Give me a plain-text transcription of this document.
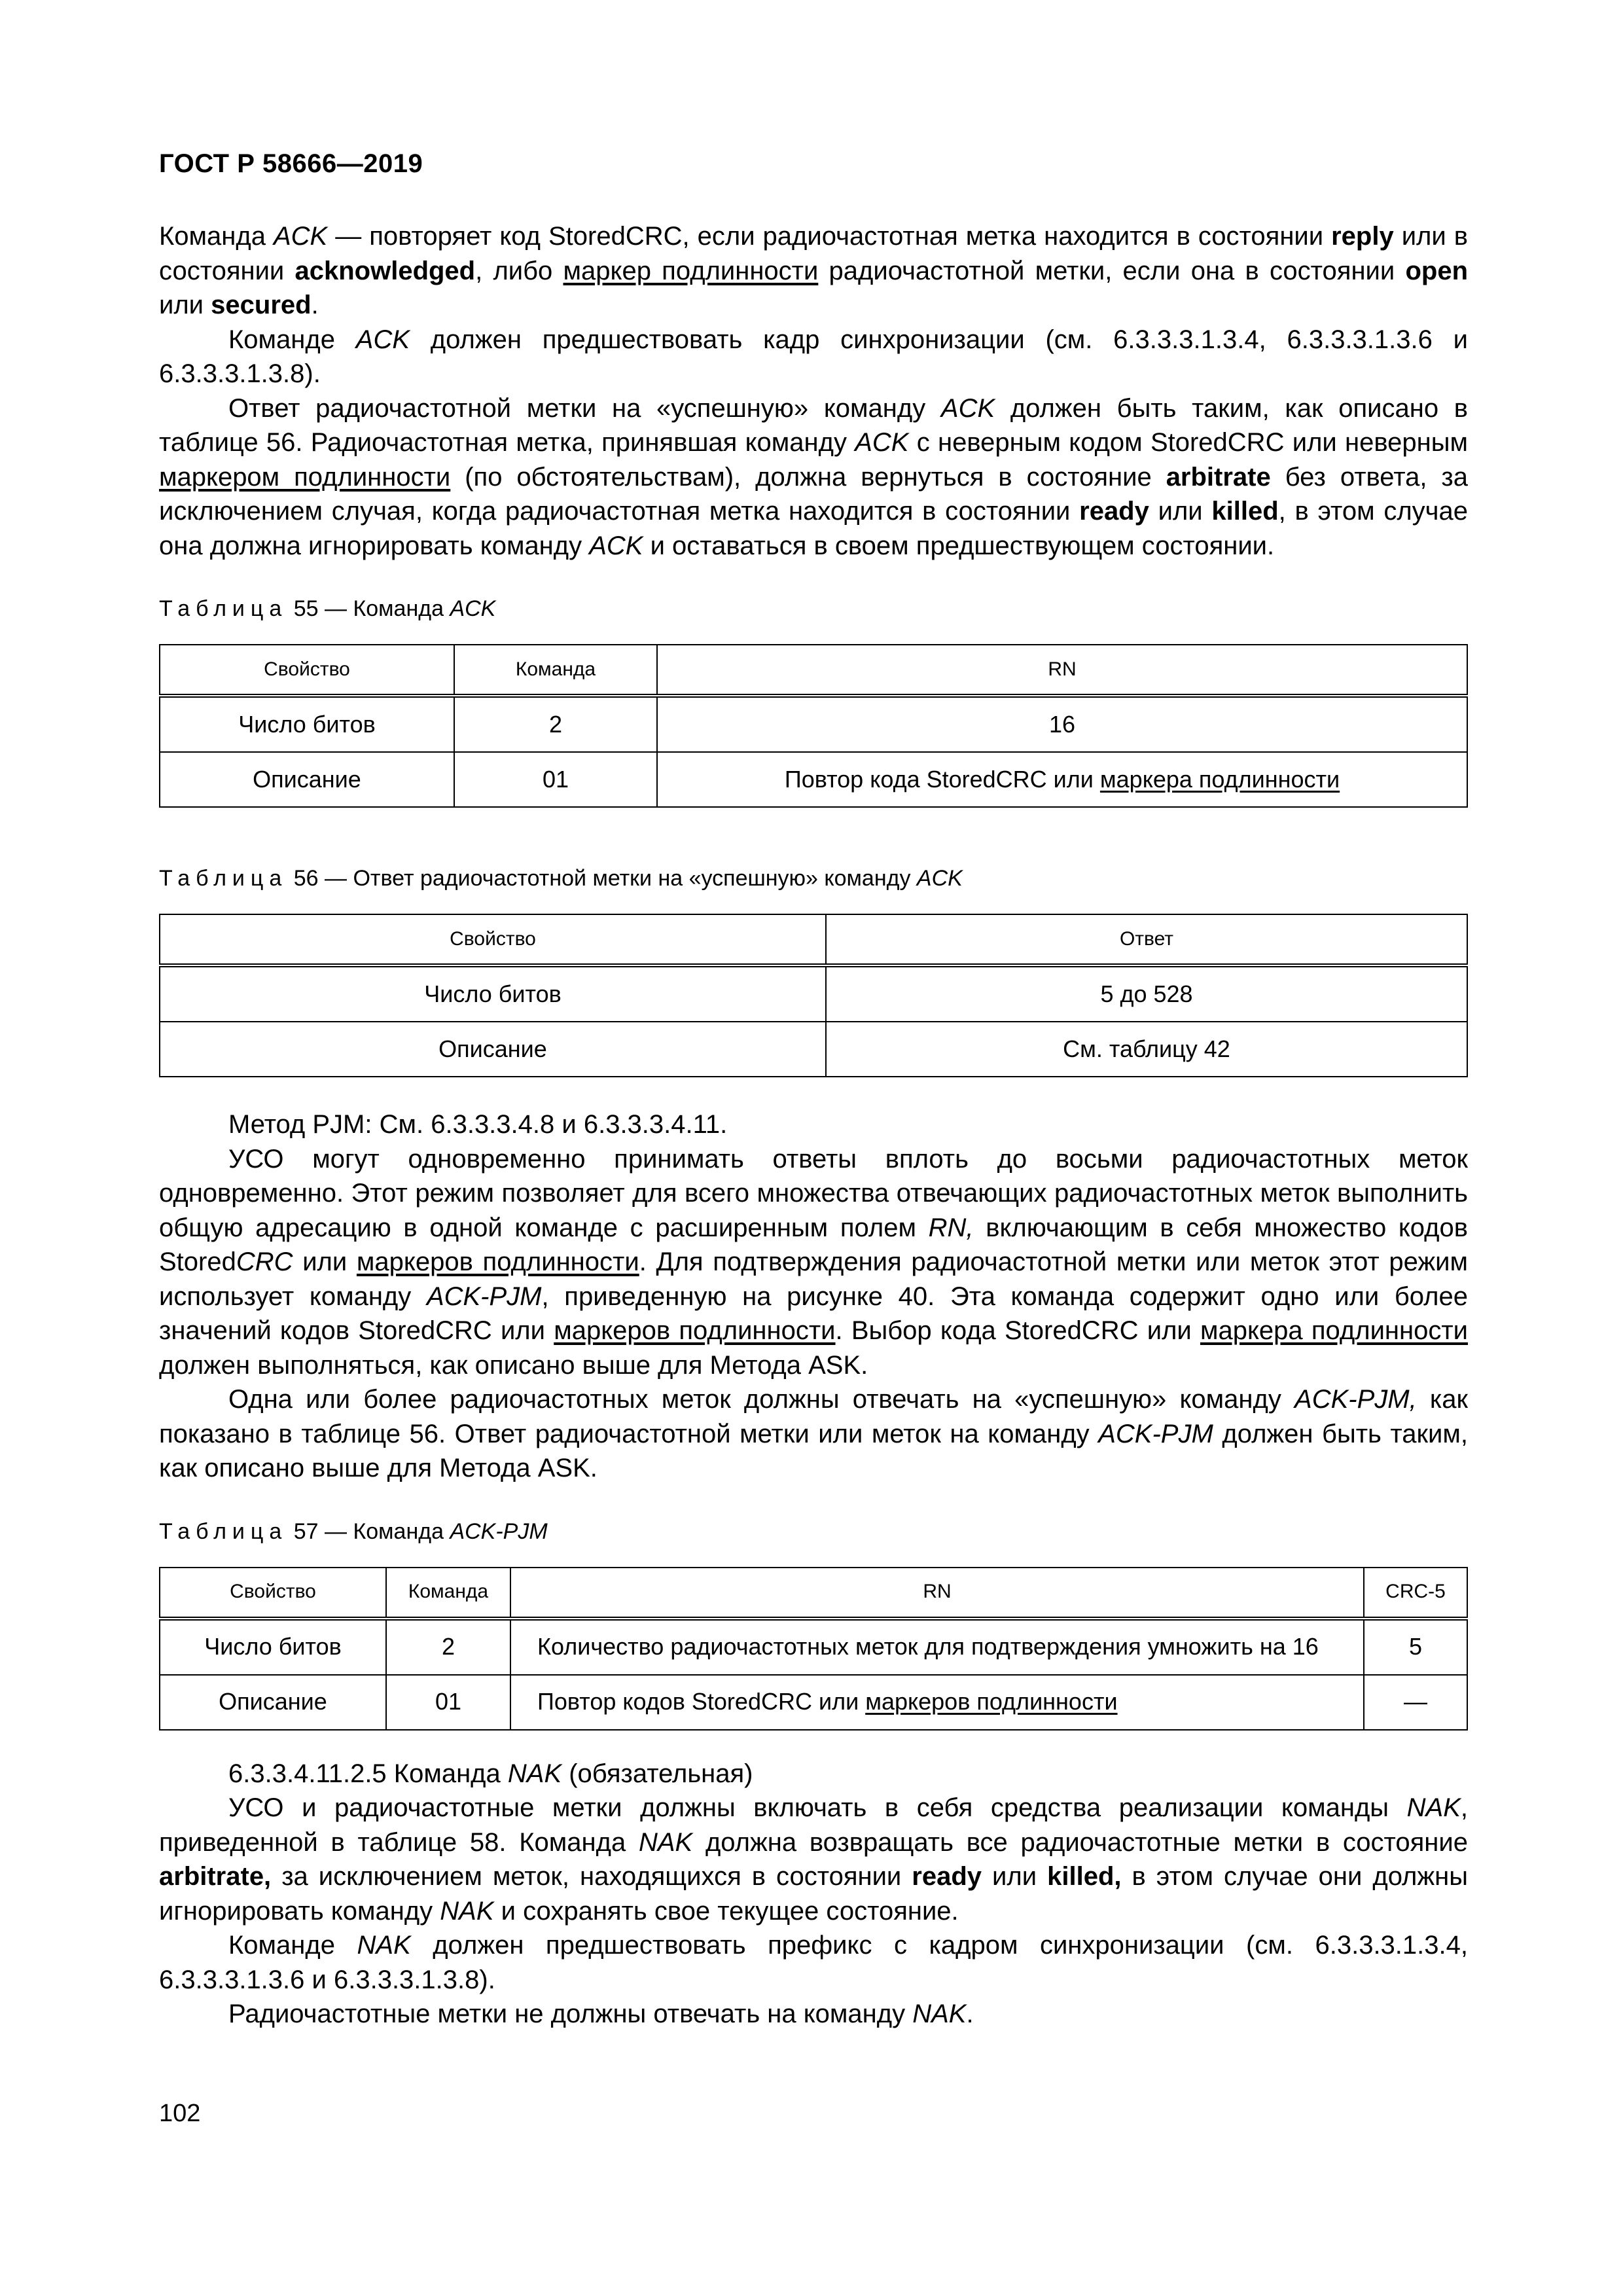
ГОСТ Р 58666—2019

Команда ACK — повторяет код StoredCRC, если радиочастотная метка находится в состоянии reply или в состоянии acknowledged, либо маркер подлинности радиочастотной метки, если она в состоянии open или secured.

Команде ACK должен предшествовать кадр синхронизации (см. 6.3.3.3.1.3.4, 6.3.3.3.1.3.6 и 6.3.3.3.1.3.8).

Ответ радиочастотной метки на «успешную» команду ACK должен быть таким, как описано в таблице 56. Радиочастотная метка, принявшая команду ACK с неверным кодом StoredCRC или неверным маркером подлинности (по обстоятельствам), должна вернуться в состояние arbitrate без ответа, за исключением случая, когда радиочастотная метка находится в состоянии ready или killed, в этом случае она должна игнорировать команду ACK и оставаться в своем предшествующем состоянии.

Таблица 55 — Команда ACK

Свойство	Команда	RN
Число битов	2	16
Описание	01	Повтор кода StoredCRC или маркера подлинности

Таблица 56 — Ответ радиочастотной метки на «успешную» команду ACK

Свойство	Ответ
Число битов	5 до 528
Описание	См. таблицу 42

Метод PJM: См. 6.3.3.3.4.8 и 6.3.3.3.4.11.

УСО могут одновременно принимать ответы вплоть до восьми радиочастотных меток одновременно. Этот режим позволяет для всего множества отвечающих радиочастотных меток выполнить общую адресацию в одной команде с расширенным полем RN, включающим в себя множество кодов StoredCRC или маркеров подлинности. Для подтверждения радиочастотной метки или меток этот режим использует команду ACK-PJM, приведенную на рисунке 40. Эта команда содержит одно или более значений кодов StoredCRC или маркеров подлинности. Выбор кода StoredCRC или маркера подлинности должен выполняться, как описано выше для Метода ASK.

Одна или более радиочастотных меток должны отвечать на «успешную» команду ACK-PJM, как показано в таблице 56. Ответ радиочастотной метки или меток на команду ACK-PJM должен быть таким, как описано выше для Метода ASK.

Таблица 57 — Команда ACK-PJM

Свойство	Команда	RN	CRC-5
Число битов	2	Количество радиочастотных меток для подтверждения умножить на 16	5
Описание	01	Повтор кодов StoredCRC или маркеров подлинности	—

6.3.3.4.11.2.5 Команда NAK (обязательная)

УСО и радиочастотные метки должны включать в себя средства реализации команды NAK, приведенной в таблице 58. Команда NAK должна возвращать все радиочастотные метки в состояние arbitrate, за исключением меток, находящихся в состоянии ready или killed, в этом случае они должны игнорировать команду NAK и сохранять свое текущее состояние.

Команде NAK должен предшествовать префикс с кадром синхронизации (см. 6.3.3.3.1.3.4, 6.3.3.3.1.3.6 и 6.3.3.3.1.3.8).

Радиочастотные метки не должны отвечать на команду NAK.

102
